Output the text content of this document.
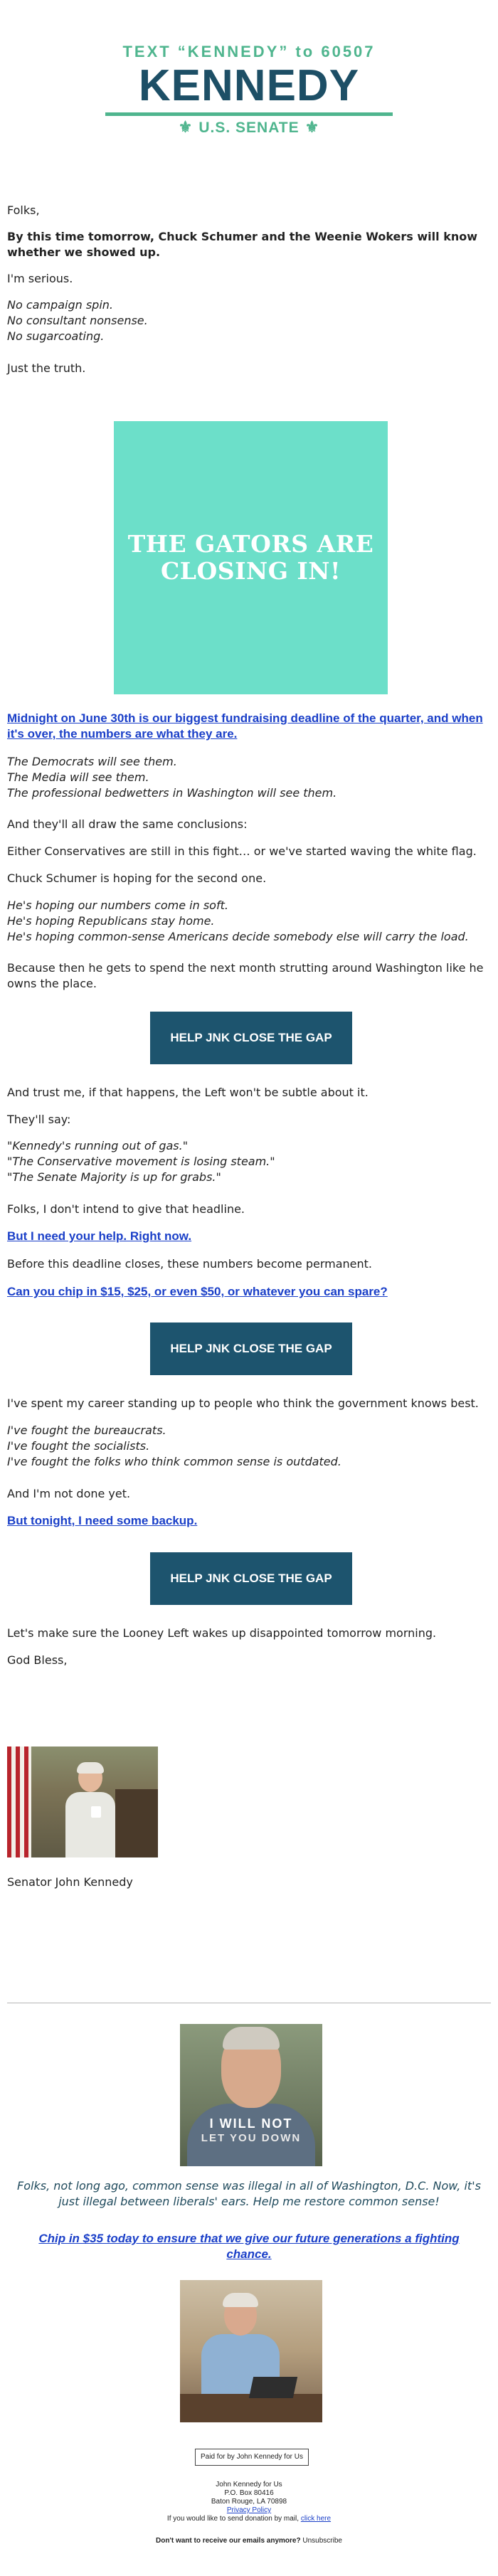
TEXT “KENNEDY” to 60507
KENNEDY
⚜ U.S. SENATE ⚜
Folks,
By this time tomorrow, Chuck Schumer and the Weenie Wokers will know whether we showed up.
I'm serious.

No campaign spin.

No consultant nonsense.

No sugarcoating.

Just the truth.
THE GATORS ARE CLOSING IN!
Midnight on June 30th is our biggest fundraising deadline of the quarter, and when it's over, the numbers are what they are.

The Democrats will see them.

The Media will see them.

The professional bedwetters in Washington will see them.

And they'll all draw the same conclusions:
Either Conservatives are still in this fight… or we've started waving the white flag.
Chuck Schumer is hoping for the second one.

He's hoping our numbers come in soft.

He's hoping Republicans stay home.

He's hoping common-sense Americans decide somebody else will carry the load.

Because then he gets to spend the next month strutting around Washington like he owns the place.
HELP JNK CLOSE THE GAP
And trust me, if that happens, the Left won't be subtle about it.
They'll say:

"Kennedy's running out of gas."

"The Conservative movement is losing steam."

"The Senate Majority is up for grabs."

Folks, I don't intend to give that headline.
But I need your help. Right now.
Before this deadline closes, these numbers become permanent.
Can you chip in $15, $25, or even $50, or whatever you can spare?
HELP JNK CLOSE THE GAP
I've spent my career standing up to people who think the government knows best.

I've fought the bureaucrats.

I've fought the socialists.

I've fought the folks who think common sense is outdated.

And I'm not done yet.
But tonight, I need some backup.
HELP JNK CLOSE THE GAP
Let's make sure the Looney Left wakes up disappointed tomorrow morning.
God Bless,
Senator John Kennedy
I WILL NOT
LET YOU DOWN
Folks, not long ago, common sense was illegal in all of Washington, D.C. Now, it's just illegal between liberals' ears. Help me restore common sense!
Chip in $35 today to ensure that we give our future generations a fighting chance.
Paid for by John Kennedy for Us
John Kennedy for Us
P.O. Box 80416
Baton Rouge, LA 70898
Privacy Policy
If you would like to send donation by mail, click here
Don't want to receive our emails anymore? Unsubscribe
